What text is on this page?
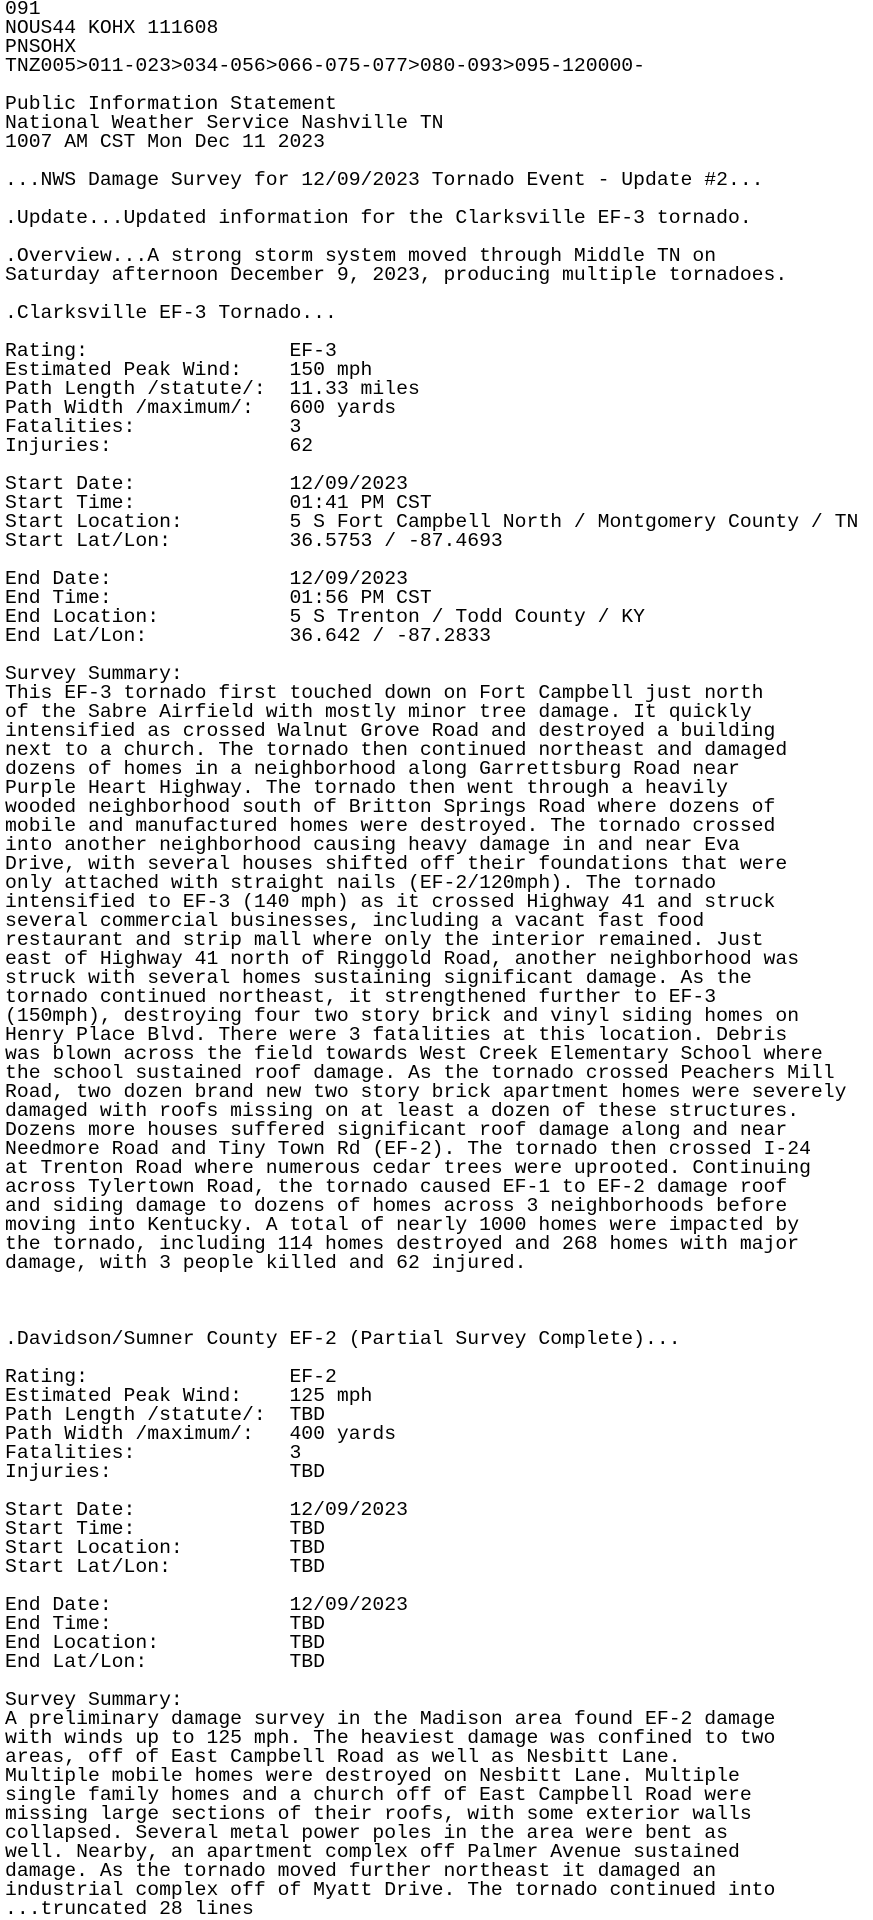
091
NOUS44 KOHX 111608
PNSOHX
TNZ005>011-023>034-056>066-075-077>080-093>095-120000-
Public Information Statement
National Weather Service Nashville TN
1007 AM CST Mon Dec 11 2023
...NWS Damage Survey for 12/09/2023 Tornado Event - Update #2...
.Update...Updated information for the Clarksville EF-3 tornado.
.Overview...A strong storm system moved through Middle TN on
Saturday afternoon December 9, 2023, producing multiple tornadoes.
.Clarksville EF-3 Tornado...
Rating:                 EF-3
Estimated Peak Wind:    150 mph
Path Length /statute/:  11.33 miles
Path Width /maximum/:   600 yards
Fatalities:             3
Injuries:               62
Start Date:             12/09/2023
Start Time:             01:41 PM CST
Start Location:         5 S Fort Campbell North / Montgomery County / TN
Start Lat/Lon:          36.5753 / -87.4693
End Date:               12/09/2023
End Time:               01:56 PM CST
End Location:           5 S Trenton / Todd County / KY
End Lat/Lon:            36.642 / -87.2833
Survey Summary:
This EF-3 tornado first touched down on Fort Campbell just north
of the Sabre Airfield with mostly minor tree damage. It quickly
intensified as crossed Walnut Grove Road and destroyed a building
next to a church. The tornado then continued northeast and damaged
dozens of homes in a neighborhood along Garrettsburg Road near
Purple Heart Highway. The tornado then went through a heavily
wooded neighborhood south of Britton Springs Road where dozens of
mobile and manufactured homes were destroyed. The tornado crossed
into another neighborhood causing heavy damage in and near Eva
Drive, with several houses shifted off their foundations that were
only attached with straight nails (EF-2/120mph). The tornado
intensified to EF-3 (140 mph) as it crossed Highway 41 and struck
several commercial businesses, including a vacant fast food
restaurant and strip mall where only the interior remained. Just
east of Highway 41 north of Ringgold Road, another neighborhood was
struck with several homes sustaining significant damage. As the
tornado continued northeast, it strengthened further to EF-3
(150mph), destroying four two story brick and vinyl siding homes on
Henry Place Blvd. There were 3 fatalities at this location. Debris
was blown across the field towards West Creek Elementary School where
the school sustained roof damage. As the tornado crossed Peachers Mill
Road, two dozen brand new two story brick apartment homes were severely
damaged with roofs missing on at least a dozen of these structures.
Dozens more houses suffered significant roof damage along and near
Needmore Road and Tiny Town Rd (EF-2). The tornado then crossed I-24
at Trenton Road where numerous cedar trees were uprooted. Continuing
across Tylertown Road, the tornado caused EF-1 to EF-2 damage roof
and siding damage to dozens of homes across 3 neighborhoods before
moving into Kentucky. A total of nearly 1000 homes were impacted by
the tornado, including 114 homes destroyed and 268 homes with major
damage, with 3 people killed and 62 injured.
.Davidson/Sumner County EF-2 (Partial Survey Complete)...
Rating:                 EF-2
Estimated Peak Wind:    125 mph
Path Length /statute/:  TBD
Path Width /maximum/:   400 yards
Fatalities:             3
Injuries:               TBD
Start Date:             12/09/2023
Start Time:             TBD
Start Location:         TBD
Start Lat/Lon:          TBD
End Date:               12/09/2023
End Time:               TBD
End Location:           TBD
End Lat/Lon:            TBD
Survey Summary:
A preliminary damage survey in the Madison area found EF-2 damage
with winds up to 125 mph. The heaviest damage was confined to two
areas, off of East Campbell Road as well as Nesbitt Lane.
Multiple mobile homes were destroyed on Nesbitt Lane. Multiple
single family homes and a church off of East Campbell Road were
missing large sections of their roofs, with some exterior walls
collapsed. Several metal power poles in the area were bent as
well. Nearby, an apartment complex off Palmer Avenue sustained
damage. As the tornado moved further northeast it damaged an
industrial complex off of Myatt Drive. The tornado continued into
...truncated 28 lines
